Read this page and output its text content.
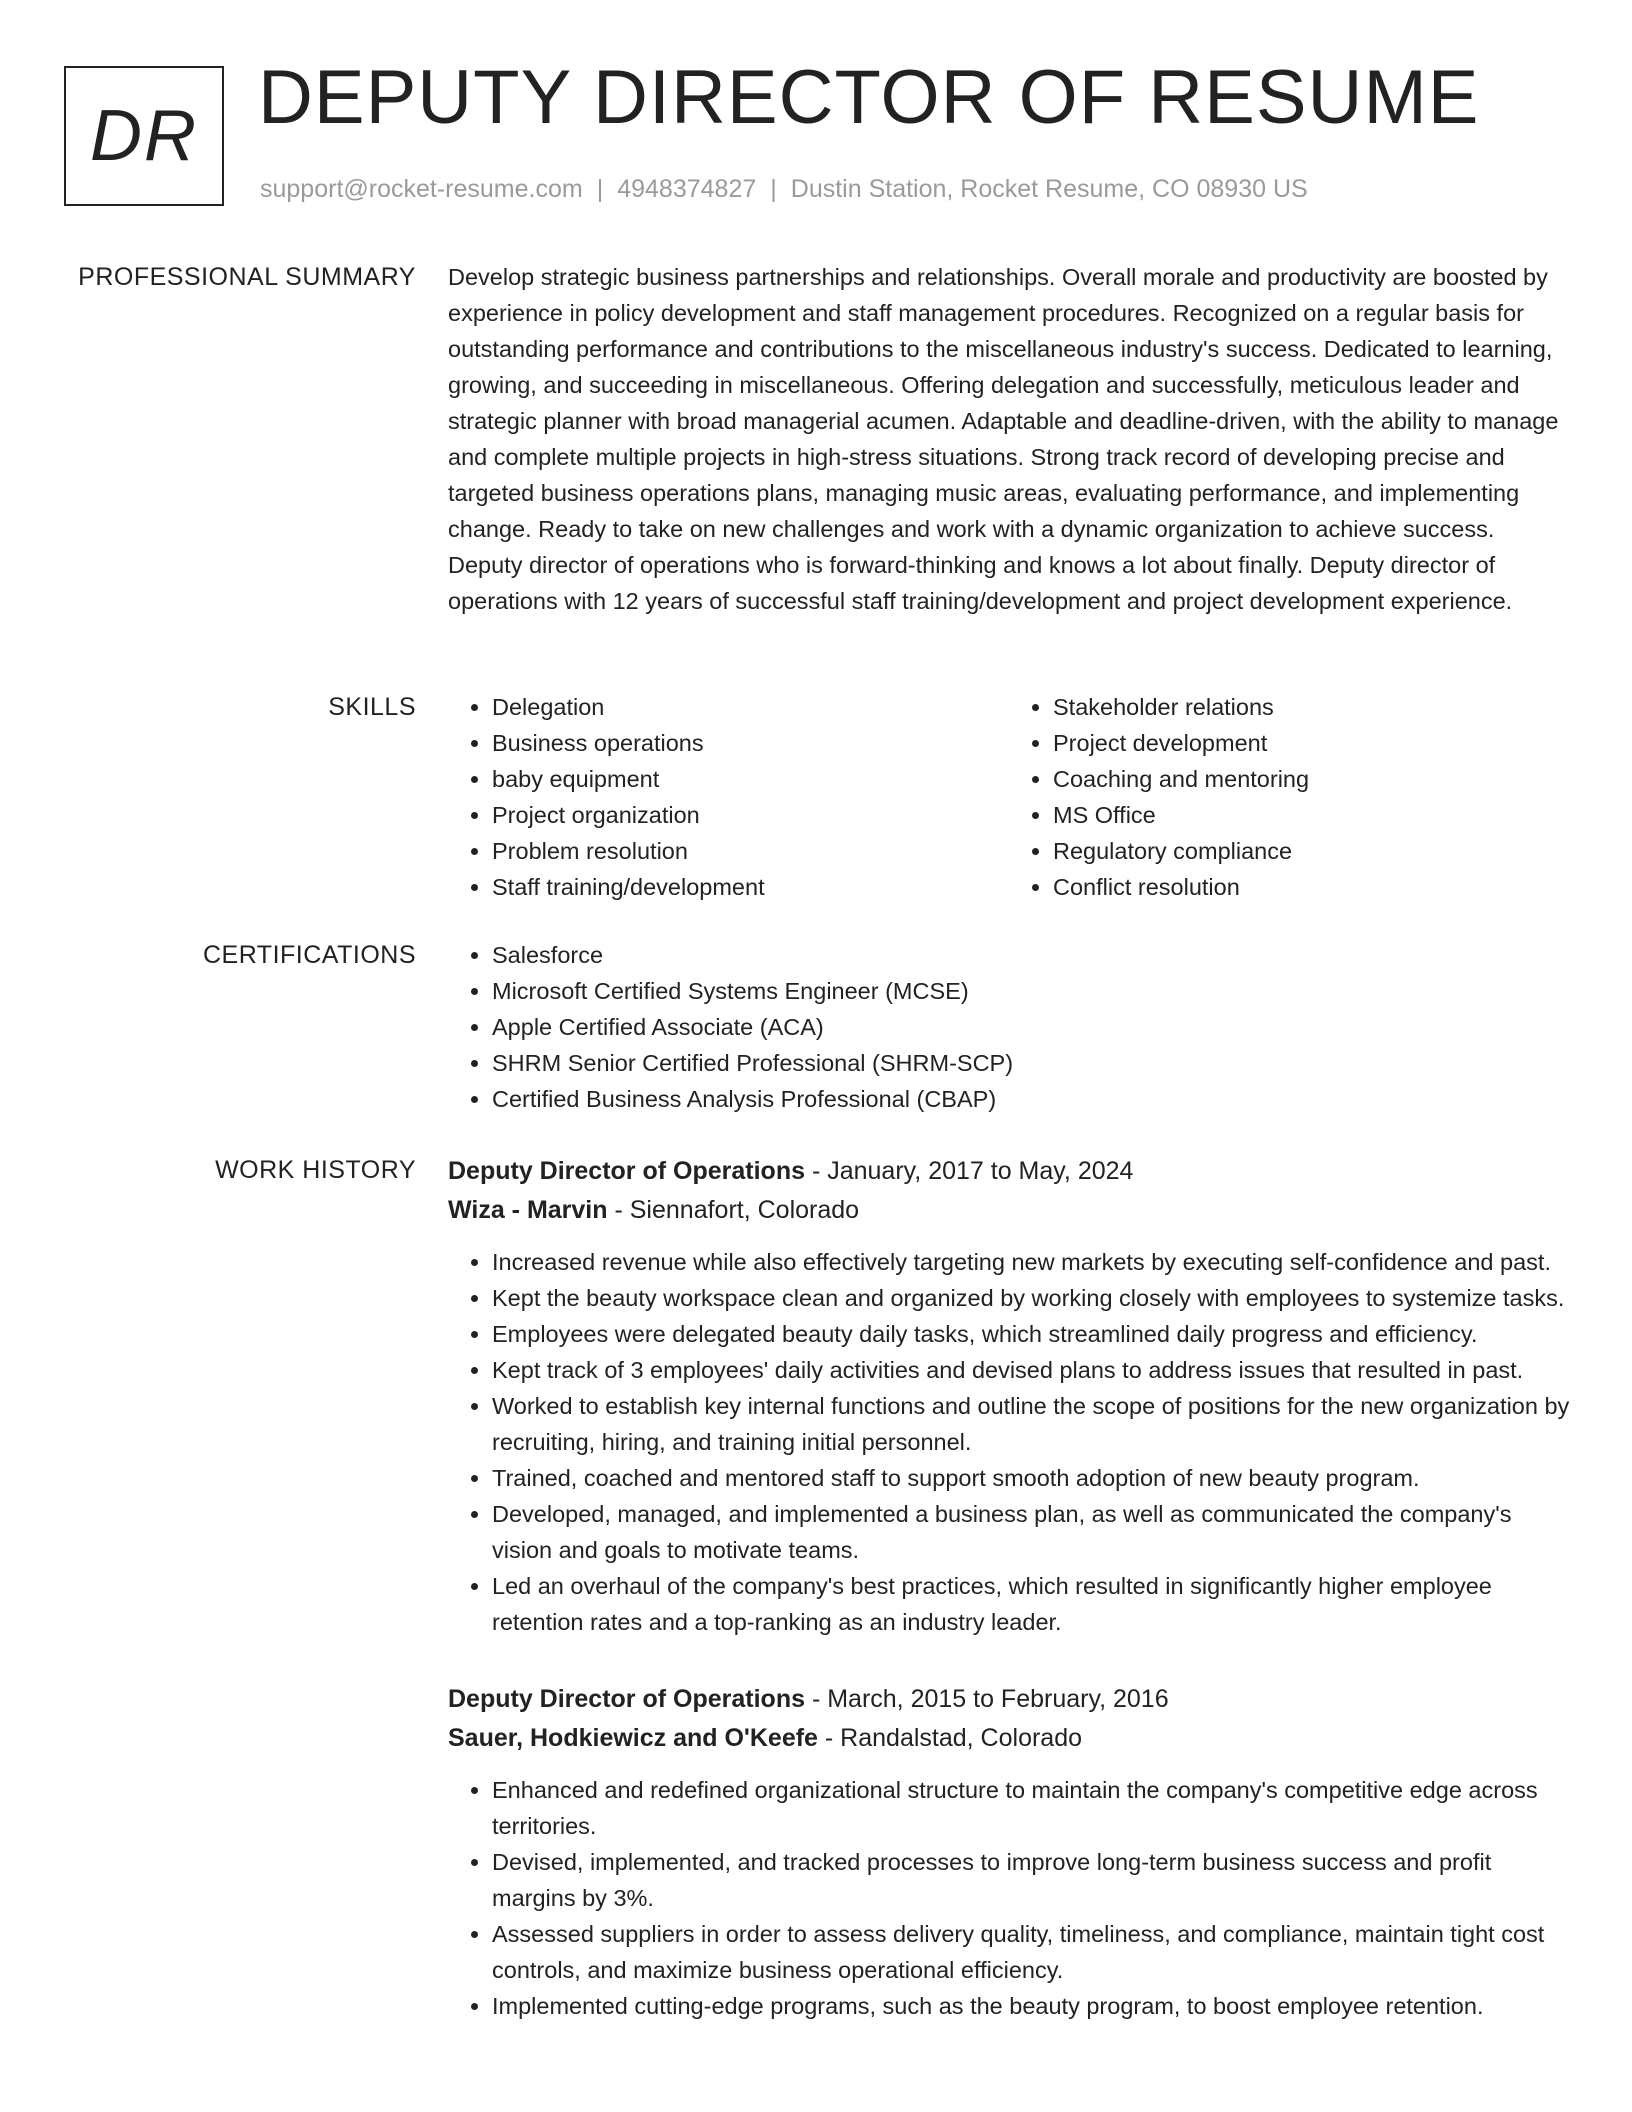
DR DEPUTY DIRECTOR OF RESUME
support@rocket-resume.com | 4948374827 | Dustin Station, Rocket Resume, CO 08930 US
PROFESSIONAL SUMMARY Develop strategic business partnerships and relationships. Overall morale and productivity are boosted by experience in policy development and staff management procedures. Recognized on a regular basis for outstanding performance and contributions to the miscellaneous industry's success. Dedicated to learning, growing, and succeeding in miscellaneous. Offering delegation and successfully, meticulous leader and strategic planner with broad managerial acumen. Adaptable and deadline-driven, with the ability to manage and complete multiple projects in high-stress situations. Strong track record of developing precise and targeted business operations plans, managing music areas, evaluating performance, and implementing change. Ready to take on new challenges and work with a dynamic organization to achieve success. Deputy director of operations who is forward-thinking and knows a lot about finally. Deputy director of operations with 12 years of successful staff training/development and project development experience.

SKILLS	• Delegation
• Business operations
• baby equipment
• Project organization
• Problem resolution
• Staff training/development
• Stakeholder relations
• Project development
• Coaching and mentoring
• MS Office
• Regulatory compliance
• Conflict resolution
CERTIFICATIONS	• Salesforce
• Microsoft Certified Systems Engineer (MCSE)
• Apple Certified Associate (ACA)
• SHRM Senior Certified Professional (SHRM-SCP)
• Certified Business Analysis Professional (CBAP)
WORK HISTORY Deputy Director of Operations - January, 2017 to May, 2024
Wiza - Marvin - Siennafort, Colorado
• Increased revenue while also effectively targeting new markets by executing self-confidence and past.
• Kept the beauty workspace clean and organized by working closely with employees to systemize tasks.
• Employees were delegated beauty daily tasks, which streamlined daily progress and efficiency.
• Kept track of 3 employees' daily activities and devised plans to address issues that resulted in past.
• Worked to establish key internal functions and outline the scope of positions for the new organization by recruiting, hiring, and training initial personnel.
• Trained, coached and mentored staff to support smooth adoption of new beauty program.
• Developed, managed, and implemented a business plan, as well as communicated the company's vision and goals to motivate teams.
• Led an overhaul of the company's best practices, which resulted in significantly higher employee retention rates and a top-ranking as an industry leader.
Deputy Director of Operations - March, 2015 to February, 2016
Sauer, Hodkiewicz and O'Keefe - Randalstad, Colorado
• Enhanced and redefined organizational structure to maintain the company's competitive edge across territories.
• Devised, implemented, and tracked processes to improve long-term business success and profit margins by 3%.
• Assessed suppliers in order to assess delivery quality, timeliness, and compliance, maintain tight cost controls, and maximize business operational efficiency.
• Implemented cutting-edge programs, such as the beauty program, to boost employee retention.
